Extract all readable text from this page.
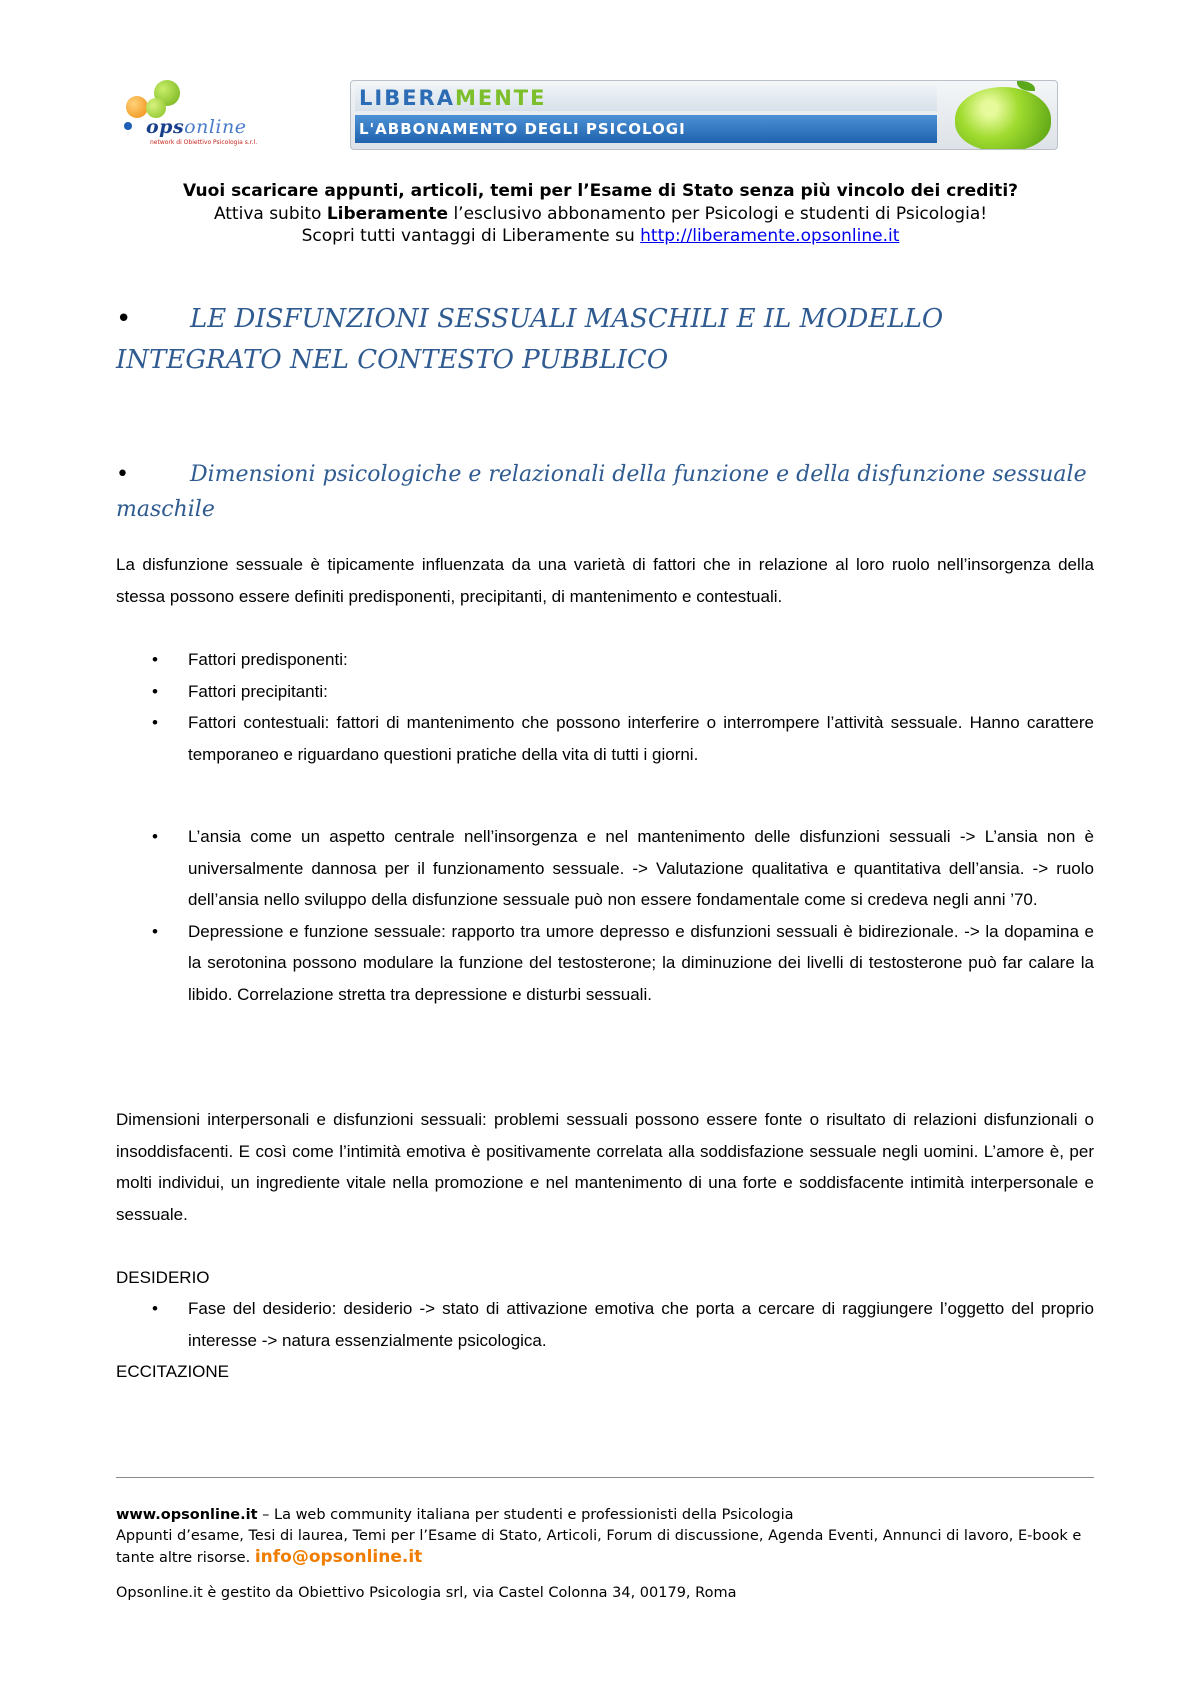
opsonline
network di Obiettivo Psicologia s.r.l.
LIBERAMENTE
L'ABBONAMENTO DEGLI PSICOLOGI
Vuoi scaricare appunti, articoli, temi per l’Esame di Stato senza più vincolo dei crediti?
Attiva subito Liberamente l’esclusivo abbonamento per Psicologi e studenti di Psicologia!
Scopri tutti vantaggi di Liberamente su http://liberamente.opsonline.it
• LE DISFUNZIONI SESSUALI MASCHILI E IL MODELLO INTEGRATO NEL CONTESTO PUBBLICO
•	Dimensioni psicologiche e relazionali della funzione e della disfunzione sessuale maschile
La disfunzione sessuale è tipicamente influenzata da una varietà di fattori che in relazione al loro ruolo nell’insorgenza della stessa possono essere definiti predisponenti, precipitanti, di mantenimento e contestuali.
• Fattori predisponenti:
• Fattori precipitanti:
• Fattori contestuali: fattori di mantenimento che possono interferire o interrompere l’attività sessuale. Hanno carattere temporaneo e riguardano questioni pratiche della vita di tutti i giorni.
• L’ansia come un aspetto centrale nell’insorgenza e nel mantenimento delle disfunzioni sessuali -> L’ansia non è universalmente dannosa per il funzionamento sessuale. -> Valutazione qualitativa e quantitativa dell’ansia. -> ruolo dell’ansia nello sviluppo della disfunzione sessuale può non essere fondamentale come si credeva negli anni ’70.
• Depressione e funzione sessuale: rapporto tra umore depresso e disfunzioni sessuali è bidirezionale. -> la dopamina e la serotonina possono modulare la funzione del testosterone; la diminuzione dei livelli di testosterone può far calare la libido. Correlazione stretta tra depressione e disturbi sessuali.
Dimensioni interpersonali e disfunzioni sessuali: problemi sessuali possono essere fonte o risultato di relazioni disfunzionali o insoddisfacenti. E così come l’intimità emotiva è positivamente correlata alla soddisfazione sessuale negli uomini. L’amore è, per molti individui, un ingrediente vitale nella promozione e nel mantenimento di una forte e soddisfacente intimità interpersonale e sessuale.
DESIDERIO
• Fase del desiderio: desiderio -> stato di attivazione emotiva che porta a cercare di raggiungere l’oggetto del proprio interesse -> natura essenzialmente psicologica.
ECCITAZIONE
www.opsonline.it – La web community italiana per studenti e professionisti della Psicologia
Appunti d’esame, Tesi di laurea, Temi per l’Esame di Stato, Articoli, Forum di discussione, Agenda Eventi, Annunci di lavoro, E-book e tante altre risorse. info@opsonline.it
Opsonline.it è gestito da Obiettivo Psicologia srl, via Castel Colonna 34, 00179, Roma
